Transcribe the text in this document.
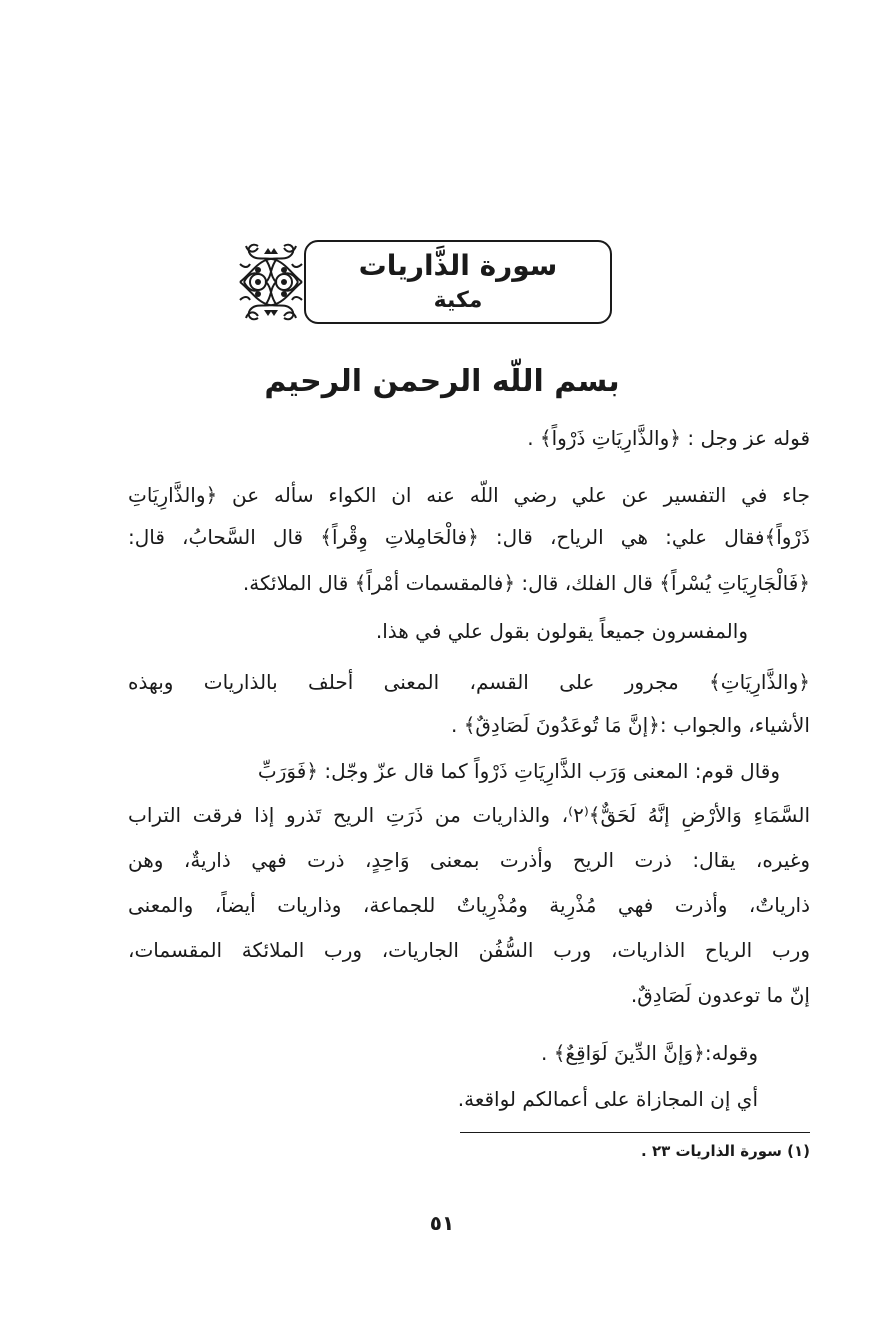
سورة الذَّاريات
مكية
بسم اللّه الرحمن الرحيم
قوله عز وجل : ﴿والذَّارِيَاتِ ذَرْواً﴾ .
جاء في التفسير عن علي رضي اللّه عنه ان الكواء سأله عن ﴿والذَّارِيَاتِ
ذَرْواً﴾فقال علي: هي الرياح، قال: ﴿فالْحَامِلاتِ وِقْراً﴾ قال السَّحابُ، قال:
﴿فَالْجَارِيَاتِ يُسْراً﴾ قال الفلك، قال: ﴿فالمقسمات أمْراً﴾ قال الملائكة.
والمفسرون جميعاً يقولون بقول علي في هذا.
﴿والذَّارِيَاتِ﴾ مجرور على القسم، المعنى أحلف بالذاريات وبهذه
الأشياء، والجواب :﴿إنَّ مَا تُوعَدُونَ لَصَادِقٌ﴾ .
وقال قوم: المعنى وَرَب الذَّارِيَاتِ ذَرْواً كما قال عزّ وجّل: ﴿فَوَرَبِّ
السَّمَاءِ وَالأرْضِ إنَّهُ لَحَقٌّ﴾⁽٢⁾، والذاريات من ذَرَتِ الريح تَذرو إذا فرقت التراب
وغيره، يقال: ذرت الريح وأذرت بمعنى وَاحِدٍ، ذرت فهي ذاريةٌ، وهن
ذارياتٌ، وأذرت فهي مُذْرِية ومُذْرِياتٌ للجماعة، وذاريات أيضاً، والمعنى
ورب الرياح الذاريات، ورب السُّفُن الجاريات، ورب الملائكة المقسمات،
إنّ ما توعدون لَصَادِقٌ.
وقوله:﴿وَإنَّ الدِّينَ لَوَاقِعٌ﴾ .
أي إن المجازاة على أعمالكم لواقعة.
(١) سورة الذاريات ٢٣ .
٥١
